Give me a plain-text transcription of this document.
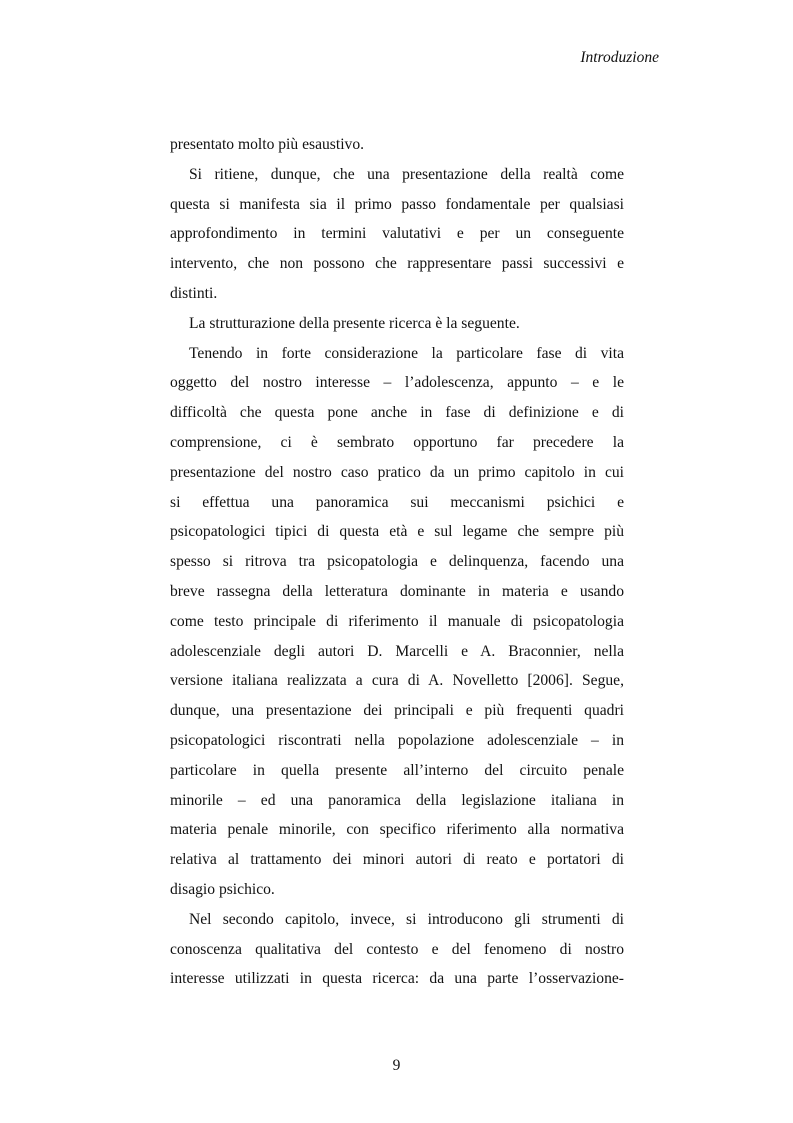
Introduzione

presentato molto più esaustivo.

Si ritiene, dunque, che una presentazione della realtà come
questa si manifesta sia il primo passo fondamentale per qualsiasi
approfondimento in termini valutativi e per un conseguente
intervento, che non possono che rappresentare passi successivi e
distinti.

La strutturazione della presente ricerca è la seguente.

Tenendo in forte considerazione la particolare fase di vita
oggetto del nostro interesse – l’adolescenza, appunto – e le
difficoltà che questa pone anche in fase di definizione e di
comprensione, ci è sembrato opportuno far precedere la
presentazione del nostro caso pratico da un primo capitolo in cui
si effettua una panoramica sui meccanismi psichici e
psicopatologici tipici di questa età e sul legame che sempre più
spesso si ritrova tra psicopatologia e delinquenza, facendo una
breve rassegna della letteratura dominante in materia e usando
come testo principale di riferimento il manuale di psicopatologia
adolescenziale degli autori D. Marcelli e A. Braconnier, nella
versione italiana realizzata a cura di A. Novelletto [2006]. Segue,
dunque, una presentazione dei principali e più frequenti quadri
psicopatologici riscontrati nella popolazione adolescenziale – in
particolare in quella presente all’interno del circuito penale
minorile – ed una panoramica della legislazione italiana in
materia penale minorile, con specifico riferimento alla normativa
relativa al trattamento dei minori autori di reato e portatori di
disagio psichico.

Nel secondo capitolo, invece, si introducono gli strumenti di
conoscenza qualitativa del contesto e del fenomeno di nostro
interesse utilizzati in questa ricerca: da una parte l’osservazione-

9
